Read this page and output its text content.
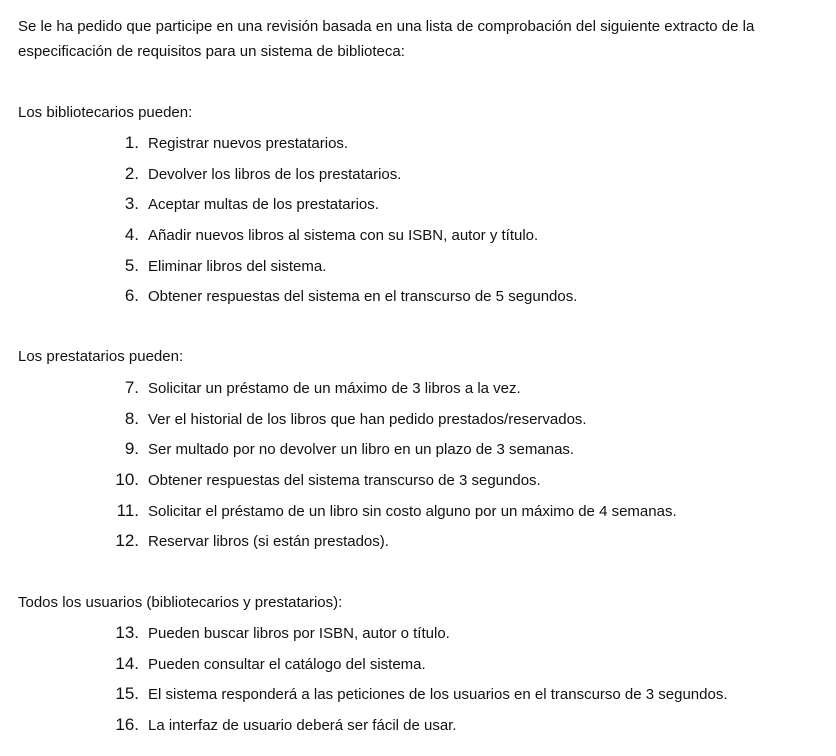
Se le ha pedido que participe en una revisión basada en una lista de comprobación del siguiente extracto de la especificación de requisitos para un sistema de biblioteca:

Los bibliotecarios pueden:
1. Registrar nuevos prestatarios.
2. Devolver los libros de los prestatarios.
3. Aceptar multas de los prestatarios.
4. Añadir nuevos libros al sistema con su ISBN, autor y título.
5. Eliminar libros del sistema.
6. Obtener respuestas del sistema en el transcurso de 5 segundos.
Los prestatarios pueden:
7. Solicitar un préstamo de un máximo de 3 libros a la vez.
8. Ver el historial de los libros que han pedido prestados/reservados.
9. Ser multado por no devolver un libro en un plazo de 3 semanas.
10. Obtener respuestas del sistema transcurso de 3 segundos.
11. Solicitar el préstamo de un libro sin costo alguno por un máximo de 4 semanas.
12. Reservar libros (si están prestados).
Todos los usuarios (bibliotecarios y prestatarios):
13. Pueden buscar libros por ISBN, autor o título.
14. Pueden consultar el catálogo del sistema.
15. El sistema responderá a las peticiones de los usuarios en el transcurso de 3 segundos.
16. La interfaz de usuario deberá ser fácil de usar.
